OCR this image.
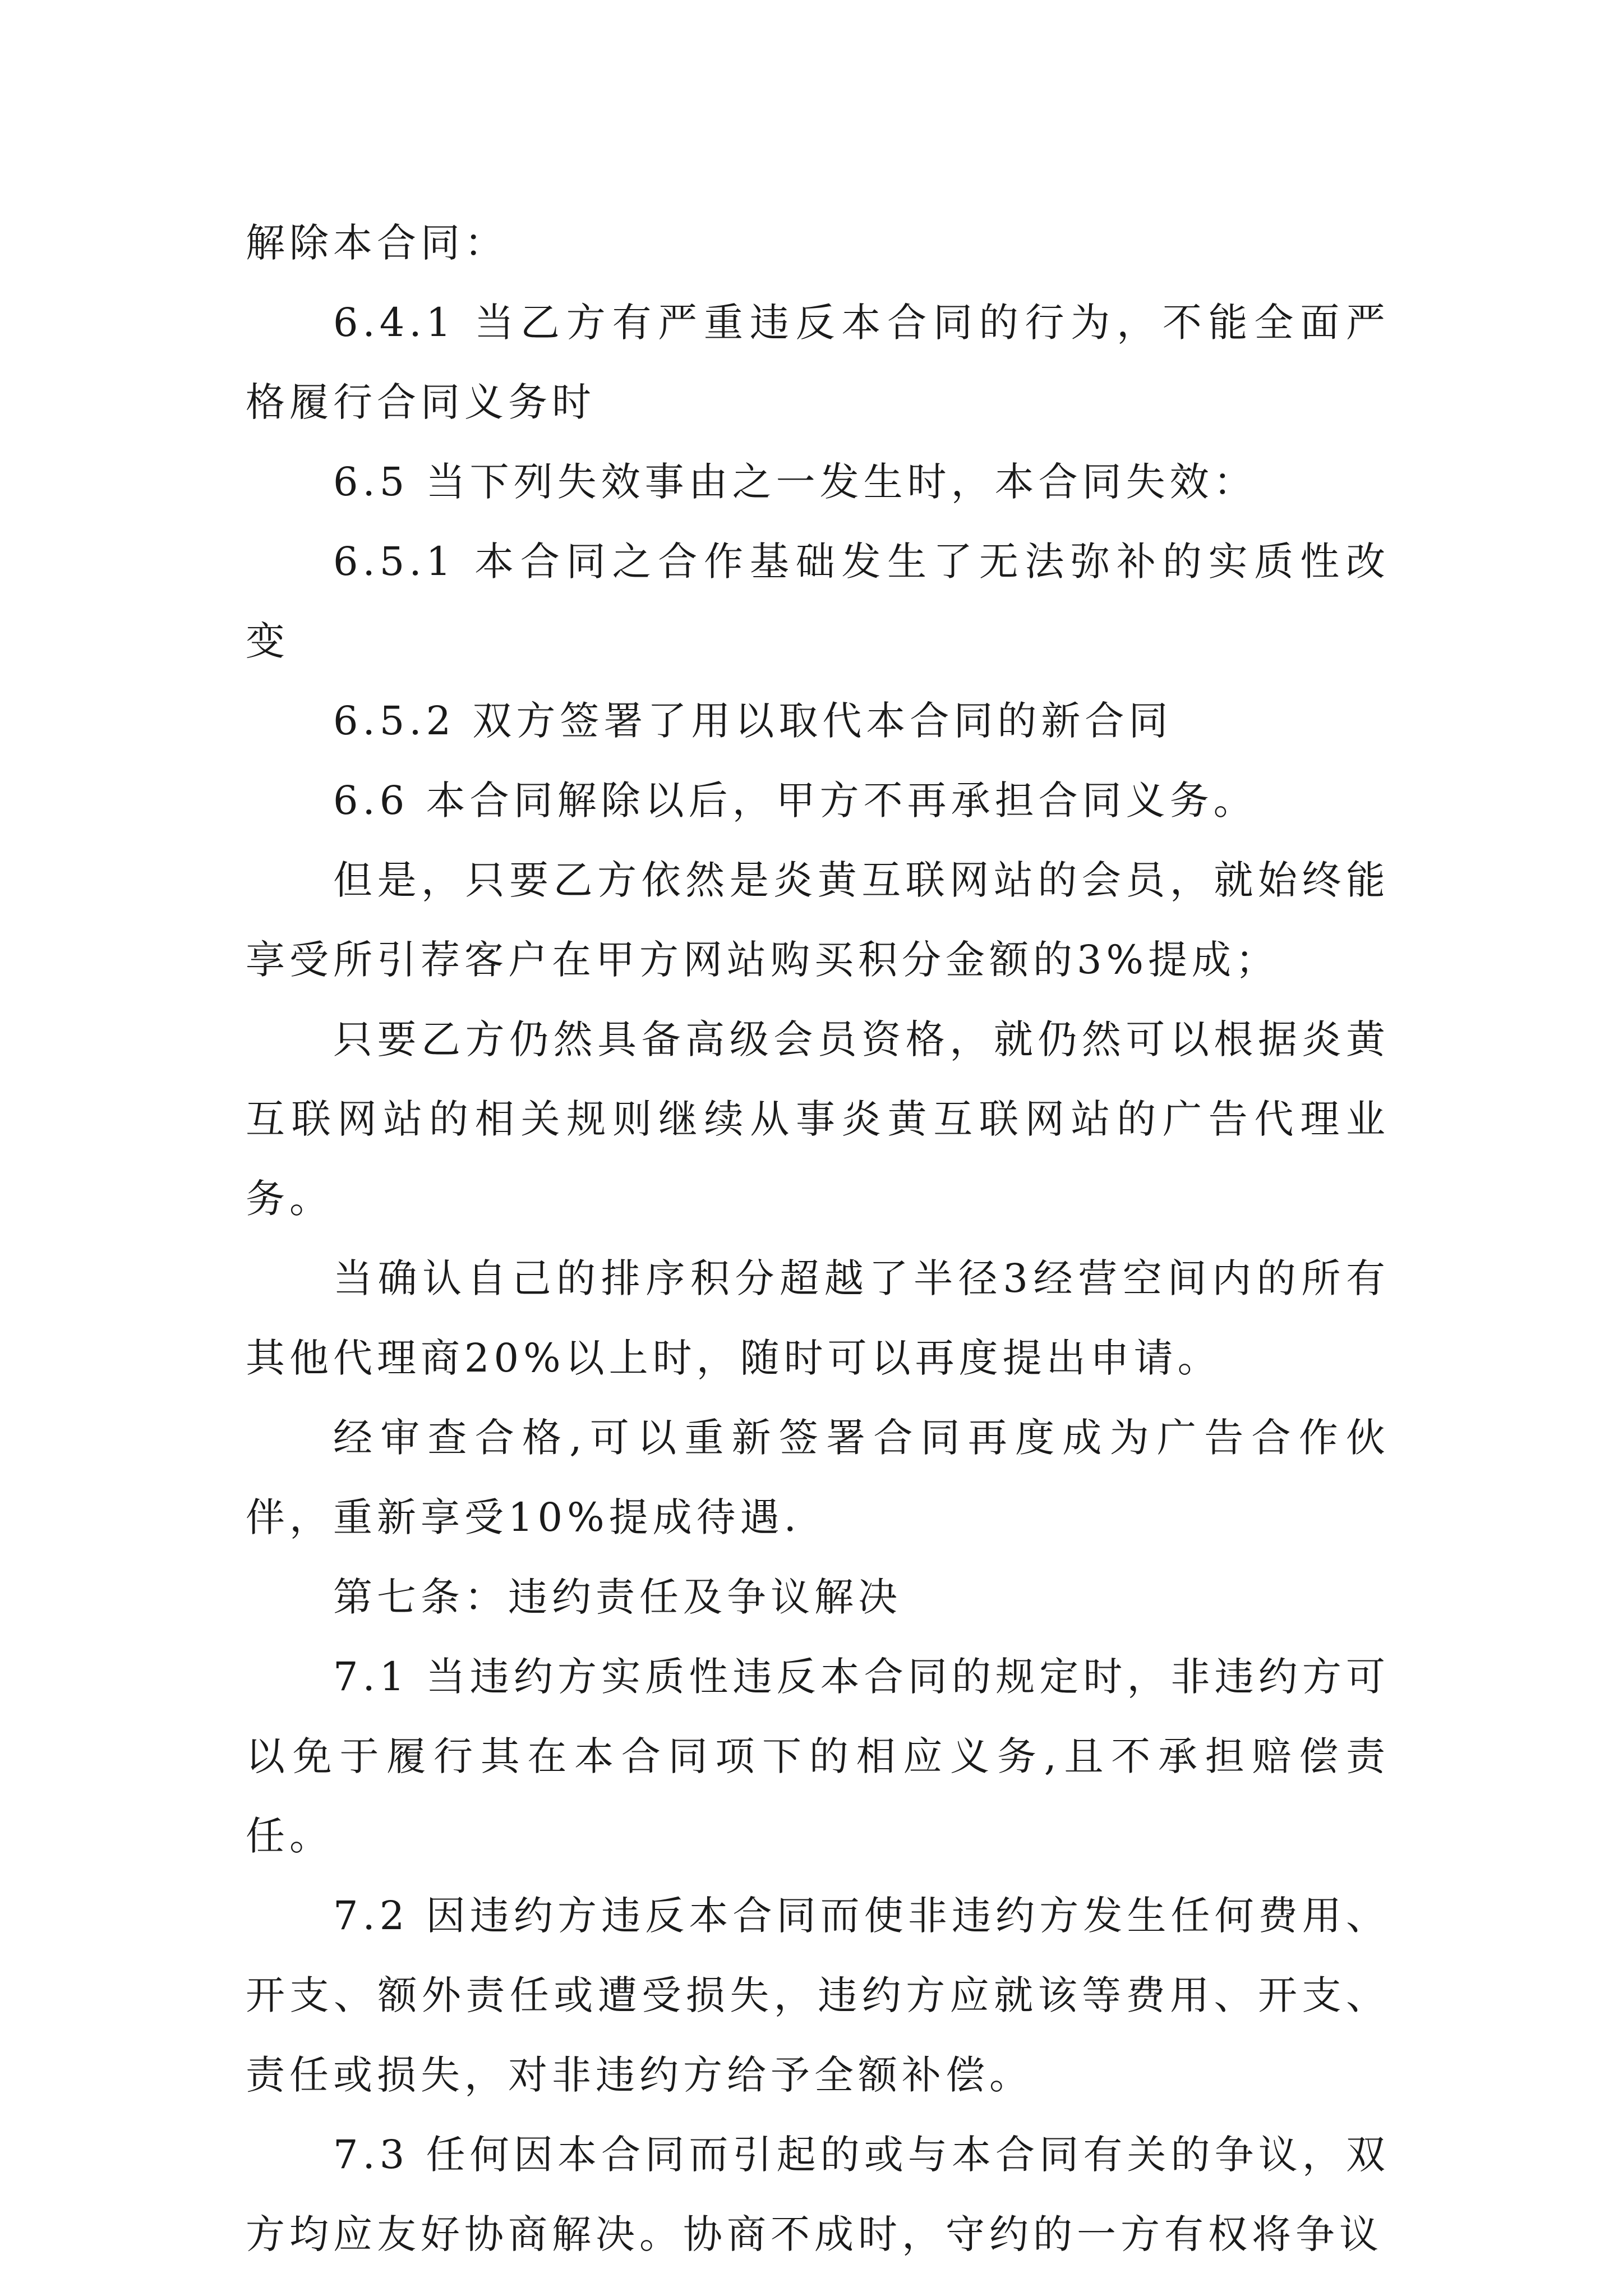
解除本合同：

6.4.1 当乙方有严重违反本合同的行为，不能全面严格履行合同义务时

6.5 当下列失效事由之一发生时，本合同失效：

6.5.1 本合同之合作基础发生了无法弥补的实质性改变

6.5.2 双方签署了用以取代本合同的新合同

6.6 本合同解除以后，甲方不再承担合同义务。

但是，只要乙方依然是炎黄互联网站的会员，就始终能享受所引荐客户在甲方网站购买积分金额的3%提成；

只要乙方仍然具备高级会员资格，就仍然可以根据炎黄互联网站的相关规则继续从事炎黄互联网站的广告代理业务。

当确认自己的排序积分超越了半径3经营空间内的所有其他代理商20%以上时，随时可以再度提出申请。

经审查合格,可以重新签署合同再度成为广告合作伙伴，重新享受10%提成待遇.

第七条：违约责任及争议解决

7.1 当违约方实质性违反本合同的规定时，非违约方可以免于履行其在本合同项下的相应义务,且不承担赔偿责任。

7.2 因违约方违反本合同而使非违约方发生任何费用、开支、额外责任或遭受损失，违约方应就该等费用、开支、责任或损失，对非违约方给予全额补偿。

7.3 任何因本合同而引起的或与本合同有关的争议，双方均应友好协商解决。协商不成时，守约的一方有权将争议
